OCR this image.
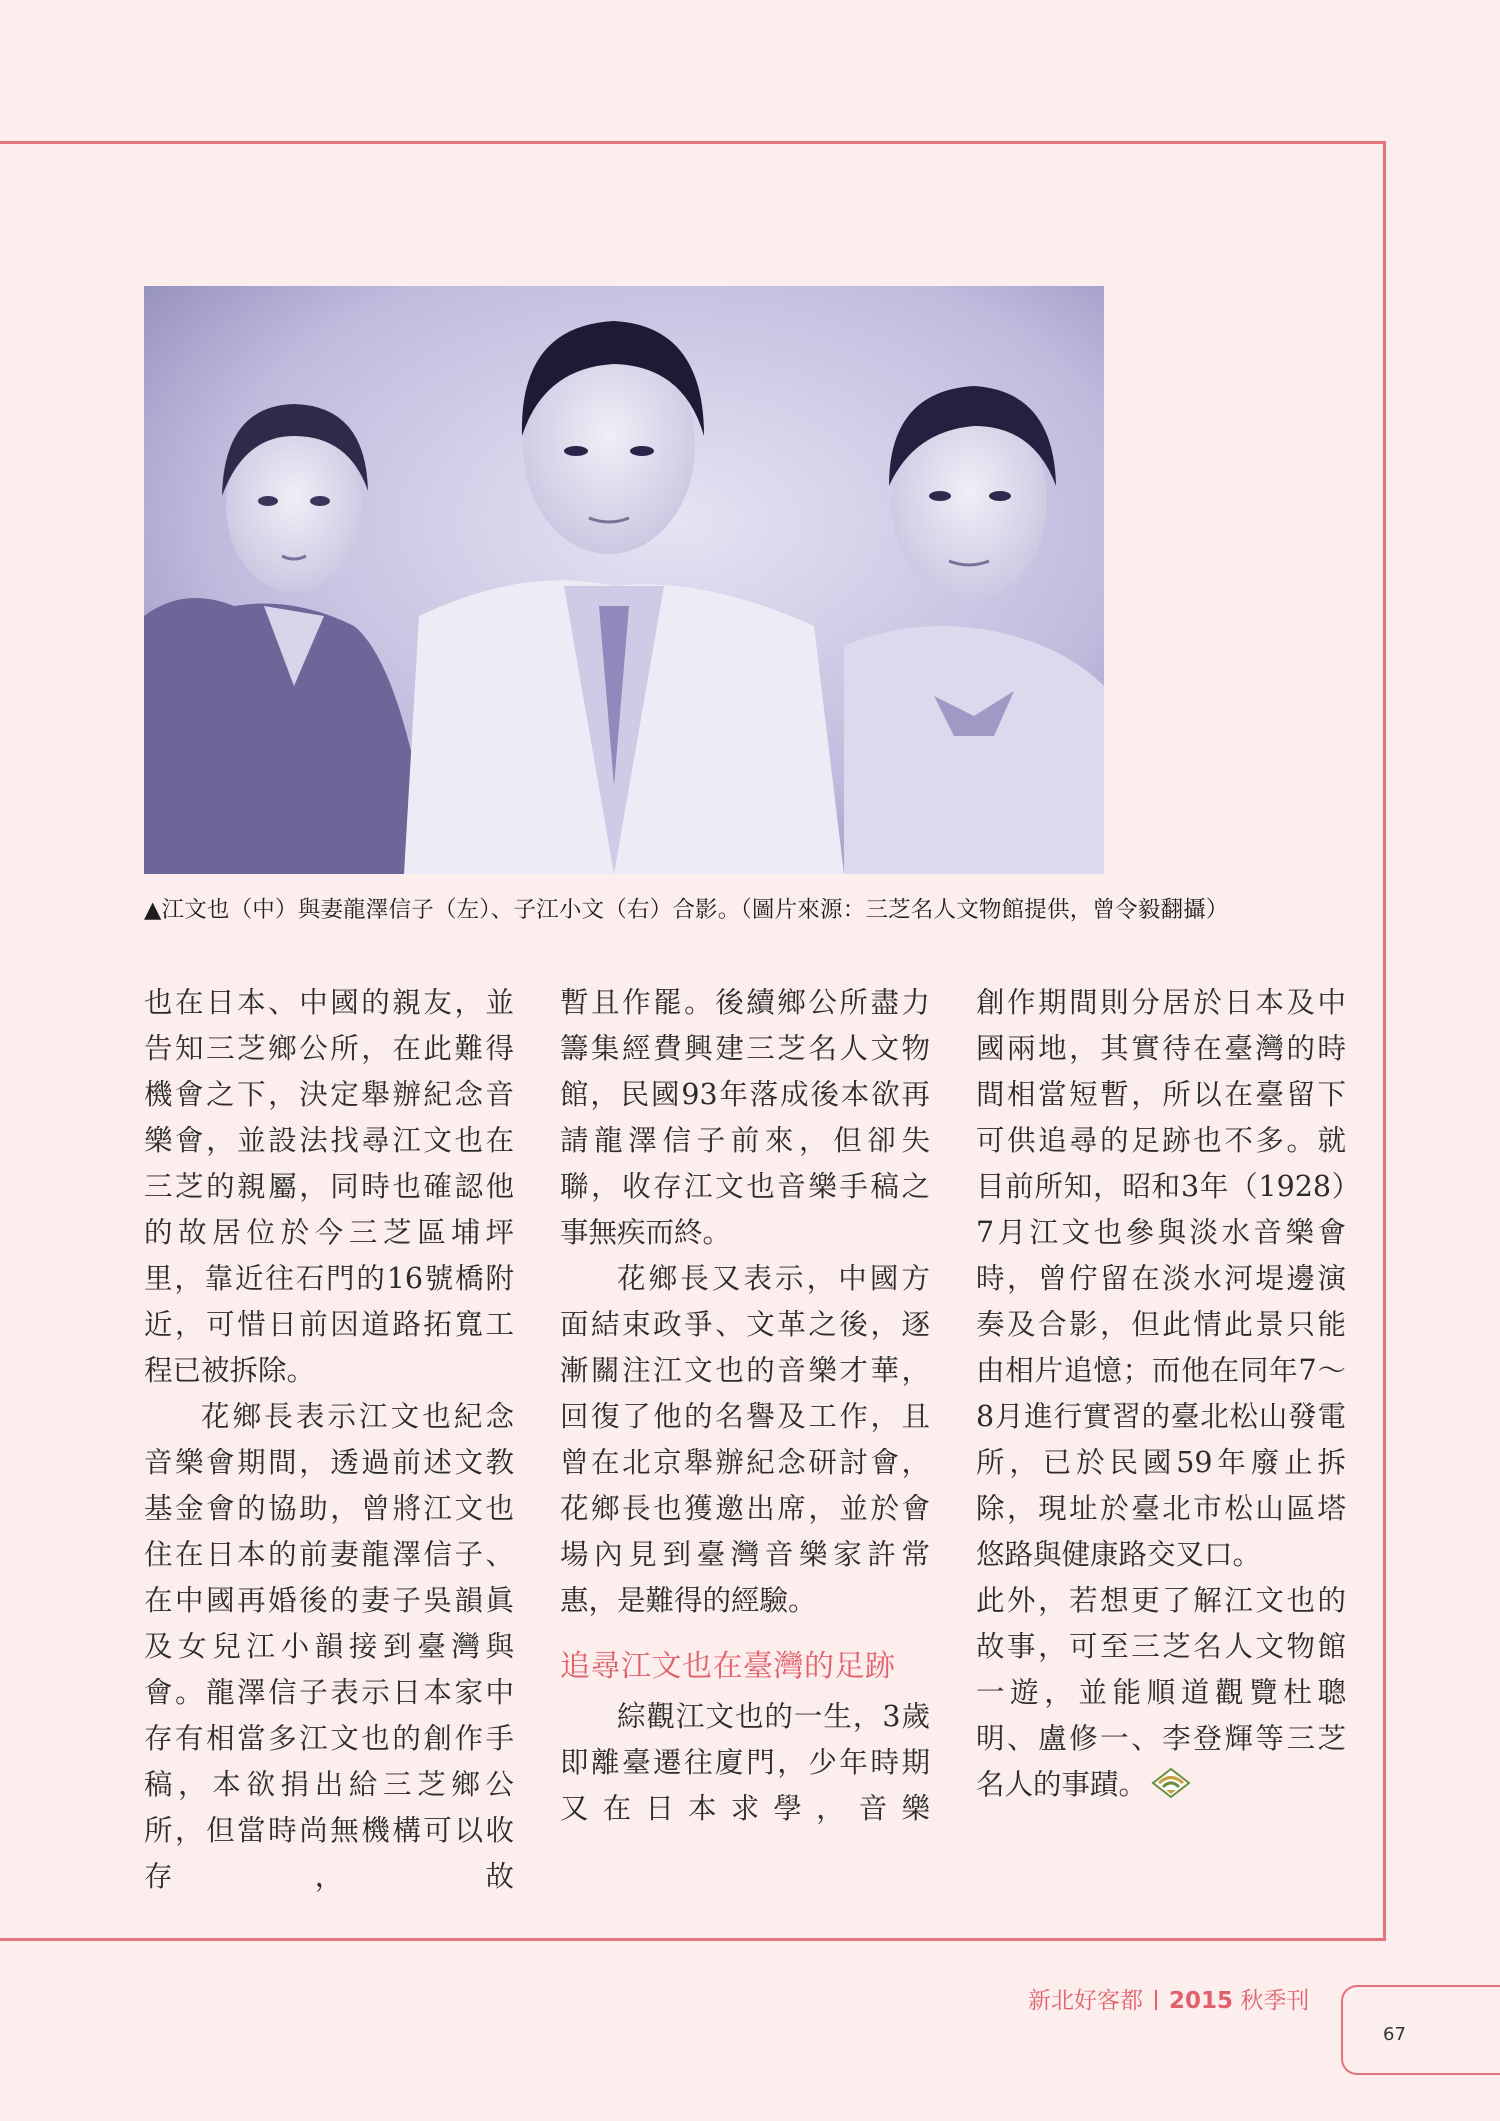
▲江文也（中）與妻龍澤信子（左）、子江小文（右）合影。（圖片來源：三芝名人文物館提供，曾令毅翻攝）

也在日本、中國的親友，並告知三芝鄉公所，在此難得機會之下，決定舉辦紀念音樂會，並設法找尋江文也在三芝的親屬，同時也確認他的故居位於今三芝區埔坪里，靠近往石門的16號橋附近，可惜日前因道路拓寬工程已被拆除。

花鄉長表示江文也紀念音樂會期間，透過前述文教基金會的協助，曾將江文也住在日本的前妻龍澤信子、在中國再婚後的妻子吳韻眞及女兒江小韻接到臺灣與會。龍澤信子表示日本家中存有相當多江文也的創作手稿，本欲捐出給三芝鄉公所，但當時尚無機構可以收存，故

暫且作罷。後續鄉公所盡力籌集經費興建三芝名人文物館，民國93年落成後本欲再請龍澤信子前來，但卻失聯，收存江文也音樂手稿之事無疾而終。

花鄉長又表示，中國方面結束政爭、文革之後，逐漸關注江文也的音樂才華，回復了他的名譽及工作，且曾在北京舉辦紀念研討會，花鄉長也獲邀出席，並於會場內見到臺灣音樂家許常惠，是難得的經驗。

追尋江文也在臺灣的足跡

綜觀江文也的一生，3歲即離臺遷往廈門，少年時期又在日本求學，音樂

創作期間則分居於日本及中國兩地，其實待在臺灣的時間相當短暫，所以在臺留下可供追尋的足跡也不多。就目前所知，昭和3年（1928）7月江文也參與淡水音樂會時，曾佇留在淡水河堤邊演奏及合影，但此情此景只能由相片追憶；而他在同年7～8月進行實習的臺北松山發電所，已於民國59年廢止拆除，現址於臺北市松山區塔悠路與健康路交叉口。

此外，若想更了解江文也的故事，可至三芝名人文物館一遊，並能順道觀覽杜聰明、盧修一、李登輝等三芝名人的事蹟。

新北好客都 2015 秋季刊
67
